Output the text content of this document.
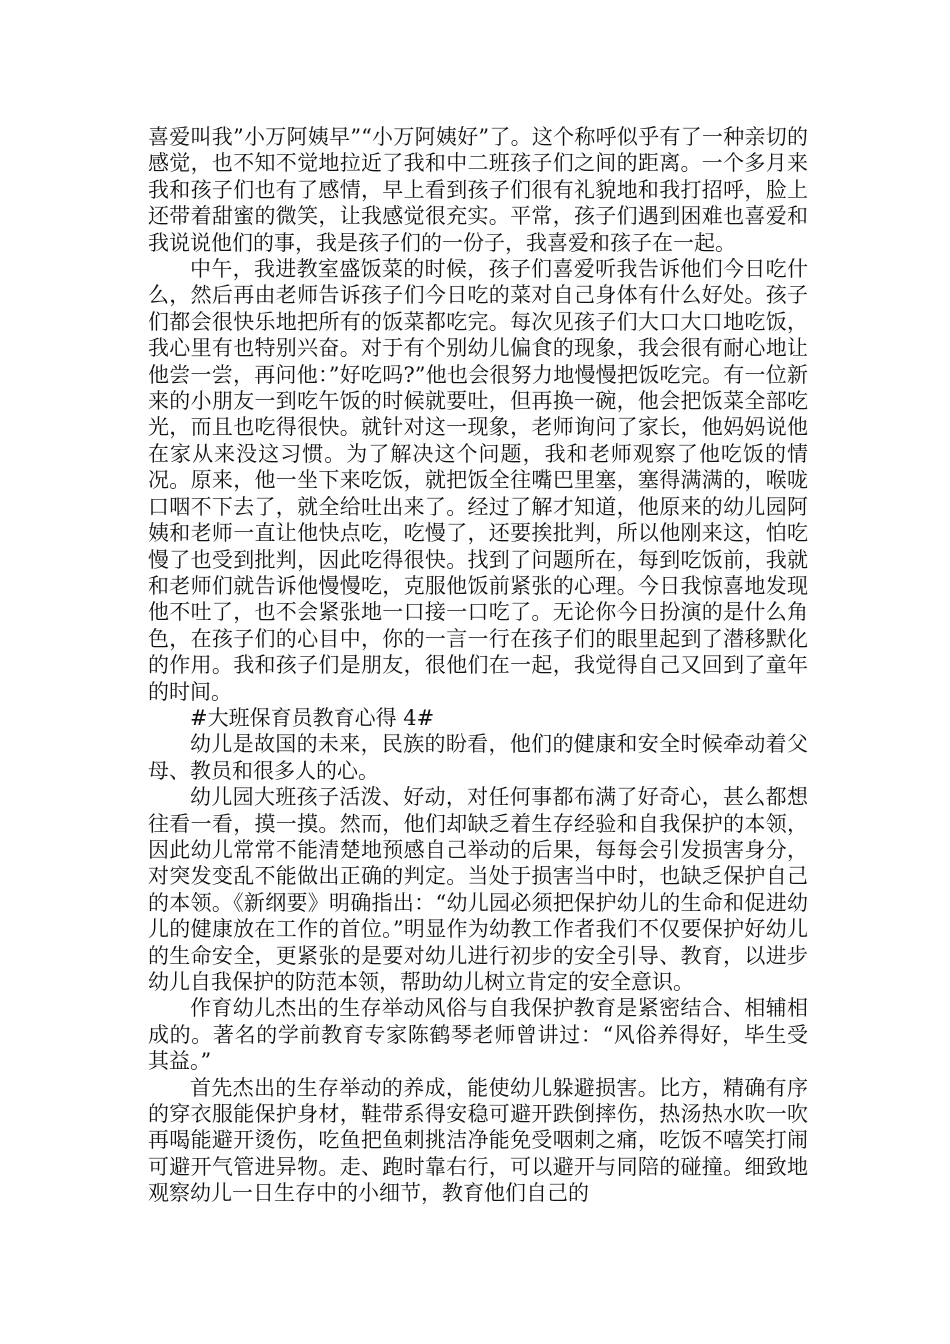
喜爱叫我”小万阿姨早”“小万阿姨好”了。这个称呼似乎有了一种亲切的感觉，也不知不觉地拉近了我和中二班孩子们之间的距离。一个多月来我和孩子们也有了感情，早上看到孩子们很有礼貌地和我打招呼，脸上还带着甜蜜的微笑，让我感觉很充实。平常，孩子们遇到困难也喜爱和我说说他们的事，我是孩子们的一份子，我喜爱和孩子在一起。

中午，我进教室盛饭菜的时候，孩子们喜爱听我告诉他们今日吃什么，然后再由老师告诉孩子们今日吃的菜对自己身体有什么好处。孩子们都会很快乐地把所有的饭菜都吃完。每次见孩子们大口大口地吃饭，我心里有也特别兴奋。对于有个别幼儿偏食的现象，我会很有耐心地让他尝一尝，再问他：”好吃吗?”他也会很努力地慢慢把饭吃完。有一位新来的小朋友一到吃午饭的时候就要吐，但再换一碗，他会把饭菜全部吃光，而且也吃得很快。就针对这一现象，老师询问了家长，他妈妈说他在家从来没这习惯。为了解决这个问题，我和老师观察了他吃饭的情况。原来，他一坐下来吃饭，就把饭全往嘴巴里塞，塞得满满的，喉咙口咽不下去了，就全给吐出来了。经过了解才知道，他原来的幼儿园阿姨和老师一直让他快点吃，吃慢了，还要挨批判，所以他刚来这，怕吃慢了也受到批判，因此吃得很快。找到了问题所在，每到吃饭前，我就和老师们就告诉他慢慢吃，克服他饭前紧张的心理。今日我惊喜地发现他不吐了，也不会紧张地一口接一口吃了。无论你今日扮演的是什么角色，在孩子们的心目中，你的一言一行在孩子们的眼里起到了潜移默化的作用。我和孩子们是朋友，很他们在一起，我觉得自己又回到了童年的时间。

#大班保育员教育心得 4#

幼儿是故国的未来，民族的盼看，他们的健康和安全时候牵动着父母、教员和很多人的心。

幼儿园大班孩子活泼、好动，对任何事都布满了好奇心，甚么都想往看一看，摸一摸。然而，他们却缺乏着生存经验和自我保护的本领，因此幼儿常常不能清楚地预感自己举动的后果，每每会引发损害身分，对突发变乱不能做出正确的判定。当处于损害当中时，也缺乏保护自己的本领。《新纲要》明确指出：“幼儿园必须把保护幼儿的生命和促进幼儿的健康放在工作的首位。”明显作为幼教工作者我们不仅要保护好幼儿的生命安全，更紧张的是要对幼儿进行初步的安全引导、教育，以进步幼儿自我保护的防范本领，帮助幼儿树立肯定的安全意识。

作育幼儿杰出的生存举动风俗与自我保护教育是紧密结合、相辅相成的。著名的学前教育专家陈鹤琴老师曾讲过：“风俗养得好，毕生受其益。”

首先杰出的生存举动的养成，能使幼儿躲避损害。比方，精确有序的穿衣服能保护身材，鞋带系得安稳可避开跌倒摔伤，热汤热水吹一吹再喝能避开烫伤，吃鱼把鱼刺挑洁净能免受咽刺之痛，吃饭不嘻笑打闹可避开气管进异物。走、跑时靠右行，可以避开与同陪的碰撞。细致地观察幼儿一日生存中的小细节，教育他们自己的
